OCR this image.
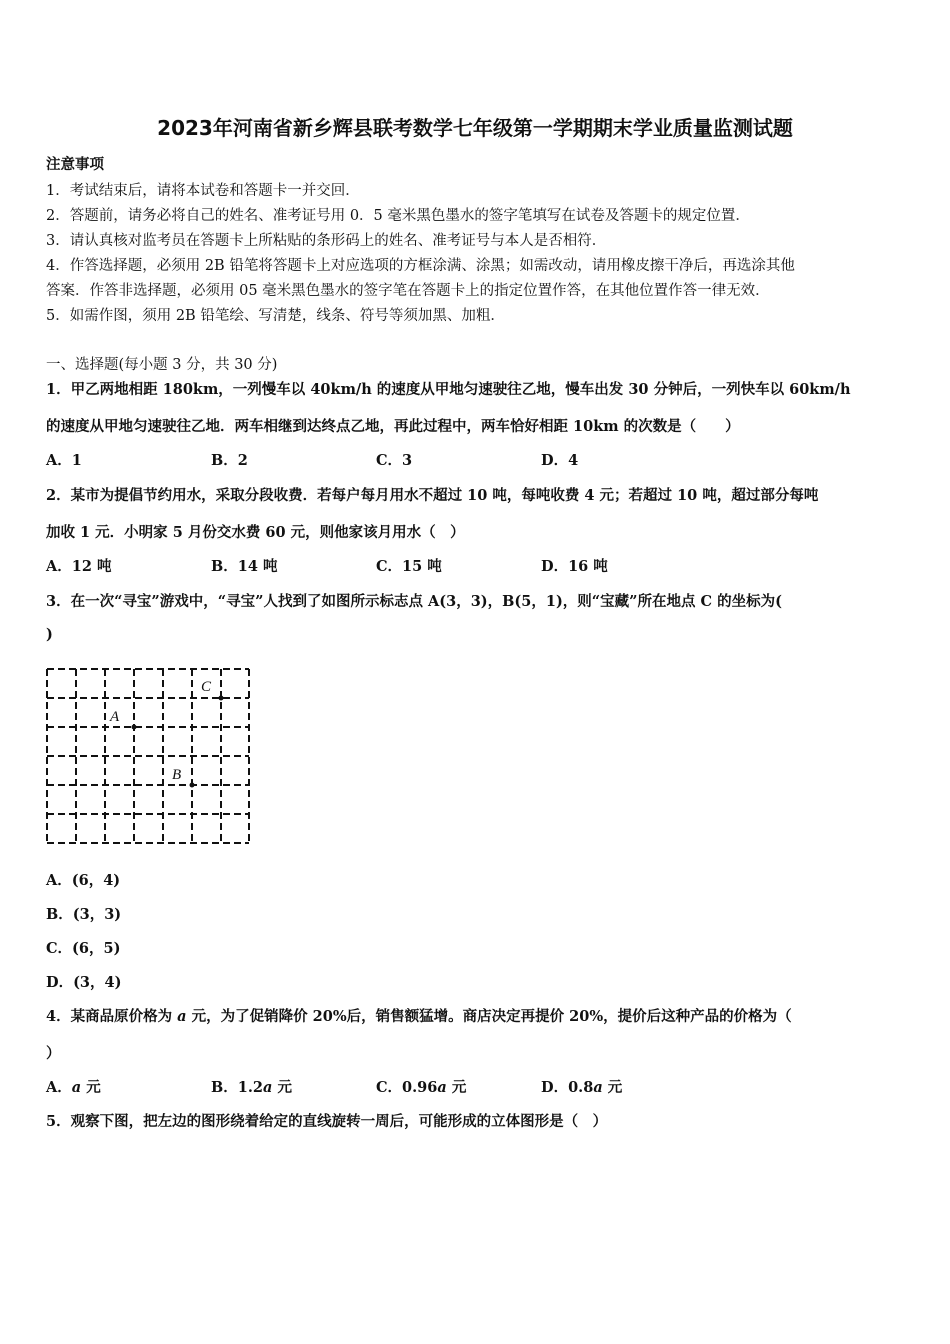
2023年河南省新乡辉县联考数学七年级第一学期期末学业质量监测试题
注意事项
1．考试结束后，请将本试卷和答题卡一并交回．
2．答题前，请务必将自己的姓名、准考证号用 0．5 毫米黑色墨水的签字笔填写在试卷及答题卡的规定位置．
3．请认真核对监考员在答题卡上所粘贴的条形码上的姓名、准考证号与本人是否相符．
4．作答选择题，必须用 2B 铅笔将答题卡上对应选项的方框涂满、涂黑；如需改动，请用橡皮擦干净后，再选涂其他
答案．作答非选择题，必须用 05 毫米黑色墨水的签字笔在答题卡上的指定位置作答，在其他位置作答一律无效．
5．如需作图，须用 2B 铅笔绘、写清楚，线条、符号等须加黑、加粗．
一、选择题(每小题 3 分，共 30 分)
1．甲乙两地相距 180km，一列慢车以 40km/h 的速度从甲地匀速驶往乙地，慢车出发 30 分钟后，一列快车以 60km/h
的速度从甲地匀速驶往乙地．两车相继到达终点乙地，再此过程中，两车恰好相距 10km 的次数是（　　）
A．1	B．2	C．3	D．4
2．某市为提倡节约用水，采取分段收费．若每户每月用水不超过 10 吨，每吨收费 4 元；若超过 10 吨，超过部分每吨
加收 1 元．小明家 5 月份交水费 60 元，则他家该月用水（　）
A．12 吨	B．14 吨	C．15 吨	D．16 吨
3．在一次“寻宝”游戏中，“寻宝”人找到了如图所示标志点 A(3，3)，B(5，1)，则“宝藏”所在地点 C 的坐标为(
)
A
B
C
A．(6，4)
B．(3，3)
C．(6，5)
D．(3，4)
4．某商品原价格为 a 元，为了促销降价 20%后，销售额猛增。商店决定再提价 20%，提价后这种产品的价格为（
）
A．a 元	B．1.2a 元	C．0.96a 元	D．0.8a 元
5．观察下图，把左边的图形绕着给定的直线旋转一周后，可能形成的立体图形是（　）
